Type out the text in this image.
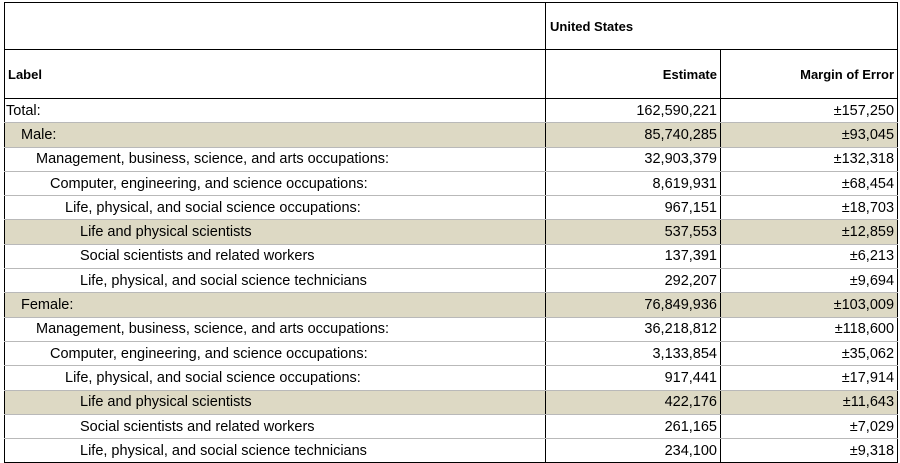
	United States	
Label	Estimate	Margin of Error
Total:	162,590,221	±157,250
Male:	85,740,285	±93,045
Management, business, science, and arts occupations:	32,903,379	±132,318
Computer, engineering, and science occupations:	8,619,931	±68,454
Life, physical, and social science occupations:	967,151	±18,703
Life and physical scientists	537,553	±12,859
Social scientists and related workers	137,391	±6,213
Life, physical, and social science technicians	292,207	±9,694
Female:	76,849,936	±103,009
Management, business, science, and arts occupations:	36,218,812	±118,600
Computer, engineering, and science occupations:	3,133,854	±35,062
Life, physical, and social science occupations:	917,441	±17,914
Life and physical scientists	422,176	±11,643
Social scientists and related workers	261,165	±7,029
Life, physical, and social science technicians	234,100	±9,318
